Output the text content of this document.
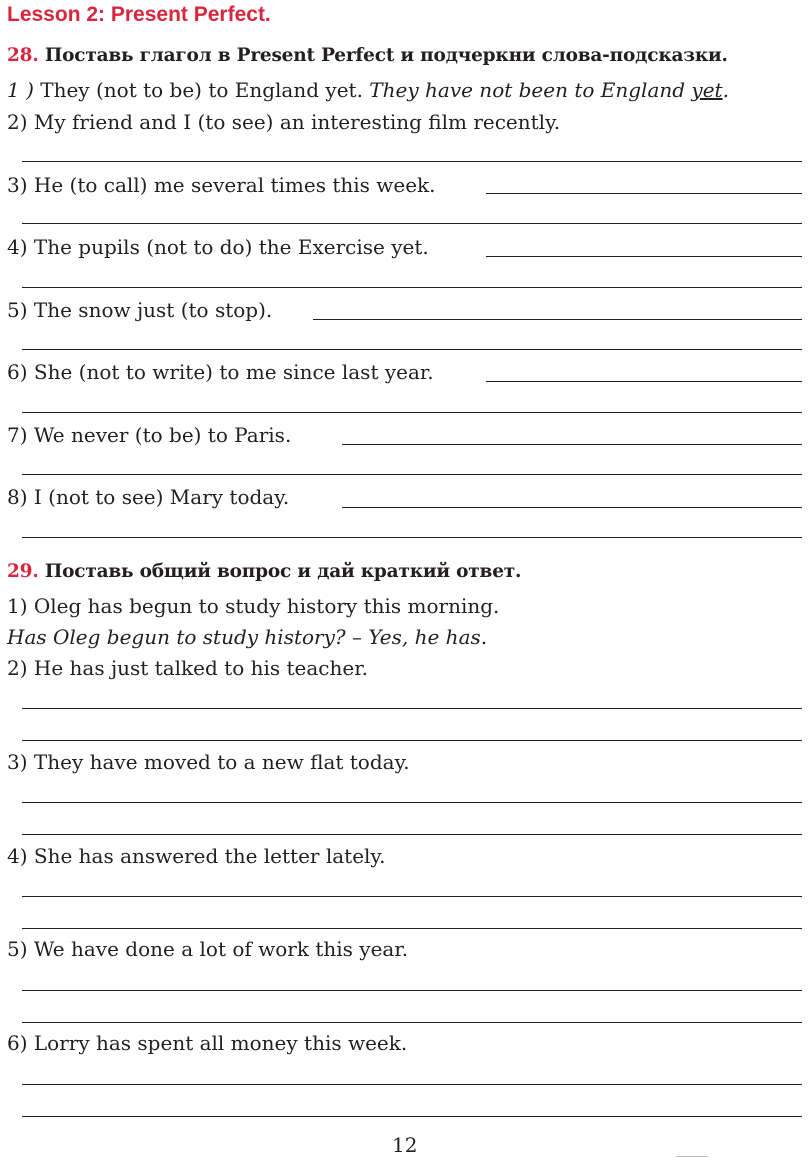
Lesson 2: Present Perfect.
28. Поставь глагол в Present Perfect и подчеркни слова-подсказки.
1 ) They (not to be) to England yet. They have not been to England yet.
2) My friend and I (to see) an interesting film recently.
3) He (to call) me several times this week.
4) The pupils (not to do) the Exercise yet.
5) The snow just (to stop).
6) She (not to write) to me since last year.
7) We never (to be) to Paris.
8) I (not to see) Mary today.
29. Поставь общий вопрос и дай краткий ответ.
1) Oleg has begun to study history this morning.
Has Oleg begun to study history? – Yes, he has.
2) He has just talked to his teacher.
3) They have moved to a new flat today.
4) She has answered the letter lately.
5) We have done a lot of work this year.
6) Lorry has spent all money this week.
12
